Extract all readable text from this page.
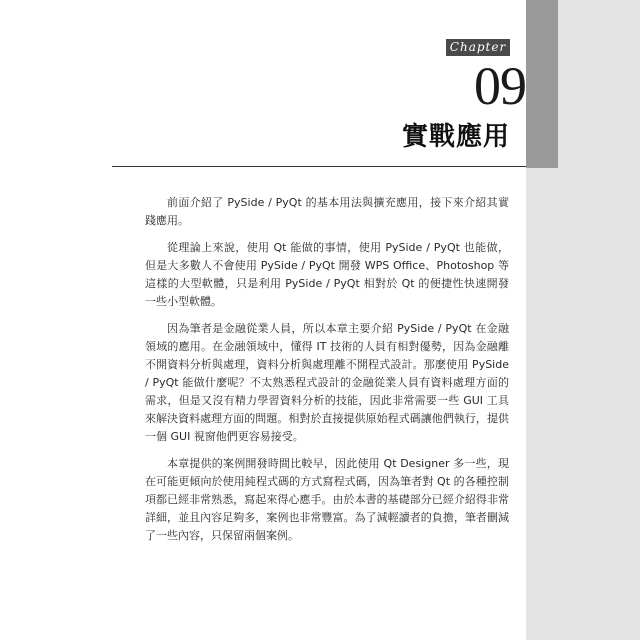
Chapter
09
實戰應用

前面介紹了 PySide / PyQt 的基本用法與擴充應用，接下來介紹其實踐應用。

從理論上來說，使用 Qt 能做的事情，使用 PySide / PyQt 也能做，但是大多數人不會使用 PySide / PyQt 開發 WPS Office、Photoshop 等這樣的大型軟體，只是利用 PySide / PyQt 相對於 Qt 的便捷性快速開發一些小型軟體。

因為筆者是金融從業人員，所以本章主要介紹 PySide / PyQt 在金融領域的應用。在金融領域中，懂得 IT 技術的人員有相對優勢，因為金融離不開資料分析與處理，資料分析與處理離不開程式設計。那麼使用 PySide / PyQt 能做什麼呢？不太熟悉程式設計的金融從業人員有資料處理方面的需求，但是又沒有精力學習資料分析的技能，因此非常需要一些 GUI 工具來解決資料處理方面的問題。相對於直接提供原始程式碼讓他們執行，提供一個 GUI 視窗他們更容易接受。

本章提供的案例開發時間比較早，因此使用 Qt Designer 多一些，現在可能更傾向於使用純程式碼的方式寫程式碼，因為筆者對 Qt 的各種控制項都已經非常熟悉，寫起來得心應手。由於本書的基礎部分已經介紹得非常詳細，並且內容足夠多，案例也非常豐富。為了減輕讀者的負擔，筆者刪減了一些內容，只保留兩個案例。
